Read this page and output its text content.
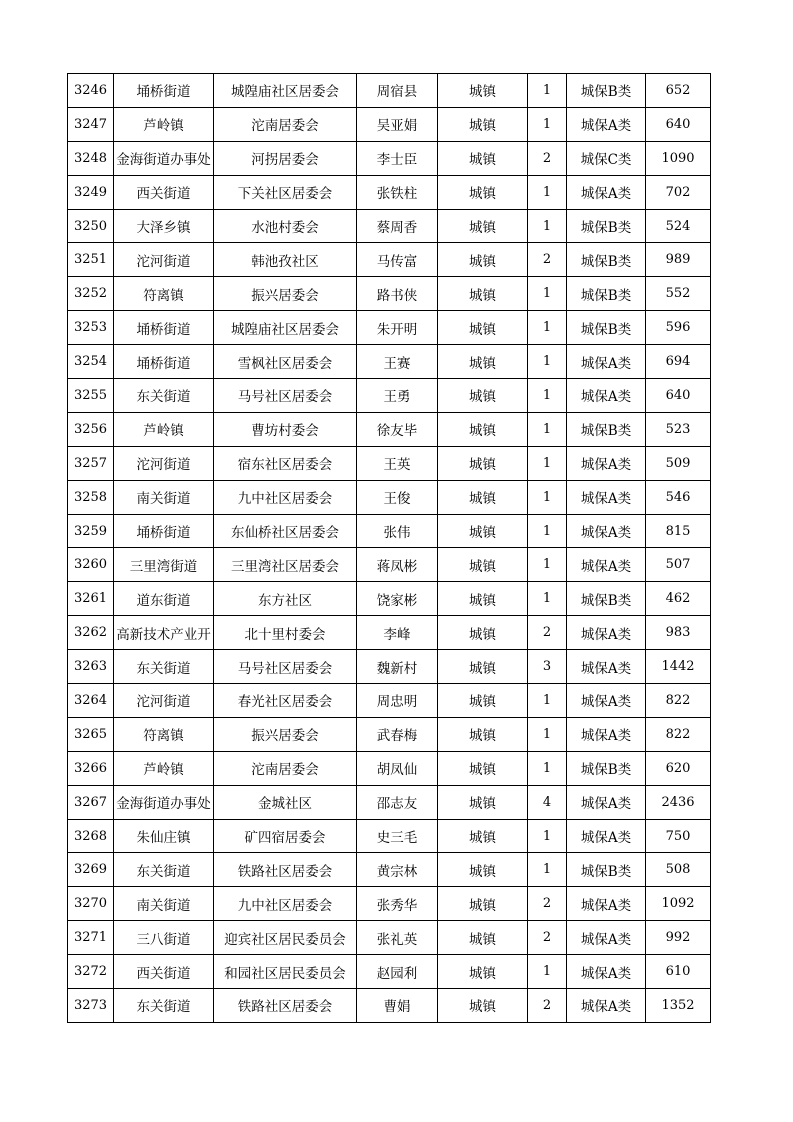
3246	埇桥街道	城隍庙社区居委会	周宿县	城镇	1	城保B类	652
3247	芦岭镇	沱南居委会	吴亚娟	城镇	1	城保A类	640
3248	金海街道办事处	河拐居委会	李士臣	城镇	2	城保C类	1090
3249	西关街道	下关社区居委会	张铁柱	城镇	1	城保A类	702
3250	大泽乡镇	水池村委会	蔡周香	城镇	1	城保B类	524
3251	沱河街道	韩池孜社区	马传富	城镇	2	城保B类	989
3252	符离镇	振兴居委会	路书侠	城镇	1	城保B类	552
3253	埇桥街道	城隍庙社区居委会	朱开明	城镇	1	城保B类	596
3254	埇桥街道	雪枫社区居委会	王赛	城镇	1	城保A类	694
3255	东关街道	马号社区居委会	王勇	城镇	1	城保A类	640
3256	芦岭镇	曹坊村委会	徐友毕	城镇	1	城保B类	523
3257	沱河街道	宿东社区居委会	王英	城镇	1	城保A类	509
3258	南关街道	九中社区居委会	王俊	城镇	1	城保A类	546
3259	埇桥街道	东仙桥社区居委会	张伟	城镇	1	城保A类	815
3260	三里湾街道	三里湾社区居委会	蒋凤彬	城镇	1	城保A类	507
3261	道东街道	东方社区	饶家彬	城镇	1	城保B类	462
3262	高新技术产业开	北十里村委会	李峰	城镇	2	城保A类	983
3263	东关街道	马号社区居委会	魏新村	城镇	3	城保A类	1442
3264	沱河街道	春光社区居委会	周忠明	城镇	1	城保A类	822
3265	符离镇	振兴居委会	武春梅	城镇	1	城保A类	822
3266	芦岭镇	沱南居委会	胡凤仙	城镇	1	城保B类	620
3267	金海街道办事处	金城社区	邵志友	城镇	4	城保A类	2436
3268	朱仙庄镇	矿四宿居委会	史三毛	城镇	1	城保A类	750
3269	东关街道	铁路社区居委会	黄宗林	城镇	1	城保B类	508
3270	南关街道	九中社区居委会	张秀华	城镇	2	城保A类	1092
3271	三八街道	迎宾社区居民委员会	张礼英	城镇	2	城保A类	992
3272	西关街道	和园社区居民委员会	赵园利	城镇	1	城保A类	610
3273	东关街道	铁路社区居委会	曹娟	城镇	2	城保A类	1352
